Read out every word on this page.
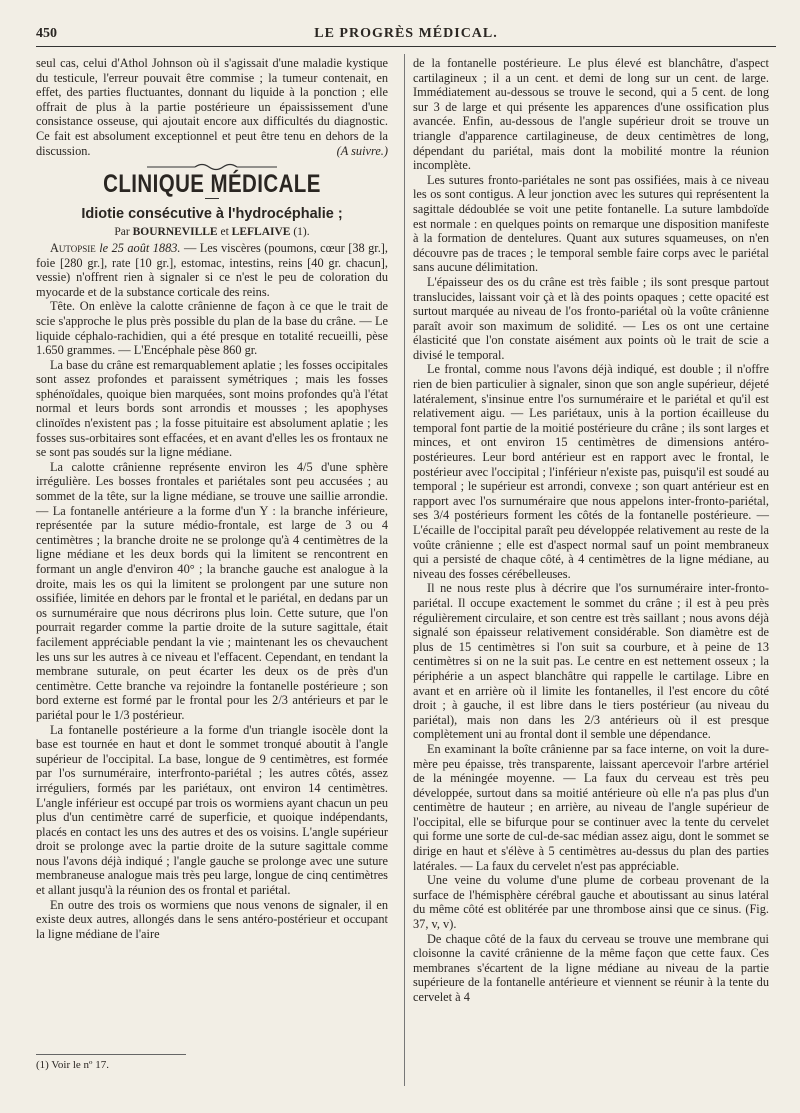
450	LE PROGRÈS MÉDICAL.

seul cas, celui d'Athol Johnson où il s'agissait d'une maladie kystique du testicule, l'erreur pouvait être commise ; la tumeur contenait, en effet, des parties fluctuantes, donnant du liquide à la ponction ; elle offrait de plus à la partie postérieure un épaississement d'une consistance osseuse, qui ajoutait encore aux difficultés du diagnostic. Ce fait est absolument exceptionnel et peut être tenu en dehors de la discussion.	(A suivre.)

CLINIQUE MÉDICALE
Idiotie consécutive à l'hydrocéphalie ;
Par BOURNEVILLE et LEFLAIVE (1).

Autopsie le 25 août 1883. — Les viscères (poumons, cœur [38 gr.], foie [280 gr.], rate [10 gr.], estomac, intestins, reins [40 gr. chacun], vessie) n'offrent rien à signaler si ce n'est le peu de coloration du myocarde et de la substance corticale des reins.

Tête. On enlève la calotte crânienne de façon à ce que le trait de scie s'approche le plus près possible du plan de la base du crâne. — Le liquide céphalo-rachidien, qui a été presque en totalité recueilli, pèse 1.650 grammes. — L'Encéphale pèse 860 gr.

La base du crâne est remarquablement aplatie ; les fosses occipitales sont assez profondes et paraissent symétriques ; mais les fosses sphénoïdales, quoique bien marquées, sont moins profondes qu'à l'état normal et leurs bords sont arrondis et mousses ; les apophyses clinoïdes n'existent pas ; la fosse pituitaire est absolument aplatie ; les fosses sus-orbitaires sont effacées, et en avant d'elles les os frontaux ne se sont pas soudés sur la ligne médiane.

La calotte crânienne représente environ les 4/5 d'une sphère irrégulière. Les bosses frontales et pariétales sont peu accusées ; au sommet de la tête, sur la ligne médiane, se trouve une saillie arrondie. — La fontanelle antérieure a la forme d'un Y : la branche inférieure, représentée par la suture médio-frontale, est large de 3 ou 4 centimètres ; la branche droite ne se prolonge qu'à 4 centimètres de la ligne médiane et les deux bords qui la limitent se rencontrent en formant un angle d'environ 40° ; la branche gauche est analogue à la droite, mais les os qui la limitent se prolongent par une suture non ossifiée, limitée en dehors par le frontal et le pariétal, en dedans par un os surnuméraire que nous décrirons plus loin. Cette suture, que l'on pourrait regarder comme la partie droite de la suture sagittale, était facilement appréciable pendant la vie ; maintenant les os chevauchent les uns sur les autres à ce niveau et l'effacent. Cependant, en tendant la membrane suturale, on peut écarter les deux os de près d'un centimètre. Cette branche va rejoindre la fontanelle postérieure ; son bord externe est formé par le frontal pour les 2/3 antérieurs et par le pariétal pour le 1/3 postérieur.

La fontanelle postérieure a la forme d'un triangle isocèle dont la base est tournée en haut et dont le sommet tronqué aboutit à l'angle supérieur de l'occipital. La base, longue de 9 centimètres, est formée par l'os surnuméraire, interfronto-pariétal ; les autres côtés, assez irréguliers, formés par les pariétaux, ont environ 14 centimètres. L'angle inférieur est occupé par trois os wormiens ayant chacun un peu plus d'un centimètre carré de superficie, et quoique indépendants, placés en contact les uns des autres et des os voisins. L'angle supérieur droit se prolonge avec la partie droite de la suture sagittale comme nous l'avons déjà indiqué ; l'angle gauche se prolonge avec une suture membraneuse analogue mais très peu large, longue de cinq centimètres et allant jusqu'à la réunion des os frontal et pariétal.

En outre des trois os wormiens que nous venons de signaler, il en existe deux autres, allongés dans le sens antéro-postérieur et occupant la ligne médiane de l'aire

de la fontanelle postérieure. Le plus élevé est blanchâtre, d'aspect cartilagineux ; il a un cent. et demi de long sur un cent. de large. Immédiatement au-dessous se trouve le second, qui a 5 cent. de long sur 3 de large et qui présente les apparences d'une ossification plus avancée. Enfin, au-dessous de l'angle supérieur droit se trouve un triangle d'apparence cartilagineuse, de deux centimètres de long, dépendant du pariétal, mais dont la mobilité montre la réunion incomplète.

Les sutures fronto-pariétales ne sont pas ossifiées, mais à ce niveau les os sont contigus. A leur jonction avec les sutures qui représentent la sagittale dédoublée se voit une petite fontanelle. La suture lambdoïde est normale : en quelques points on remarque une disposition manifeste à la formation de dentelures. Quant aux sutures squameuses, on n'en découvre pas de traces ; le temporal semble faire corps avec le pariétal sans aucune délimitation.

L'épaisseur des os du crâne est très faible ; ils sont presque partout translucides, laissant voir çà et là des points opaques ; cette opacité est surtout marquée au niveau de l'os fronto-pariétal où la voûte crânienne paraît avoir son maximum de solidité. — Les os ont une certaine élasticité que l'on constate aisément aux points où le trait de scie a divisé le temporal.

Le frontal, comme nous l'avons déjà indiqué, est double ; il n'offre rien de bien particulier à signaler, sinon que son angle supérieur, déjeté latéralement, s'insinue entre l'os surnuméraire et le pariétal et qu'il est relativement aigu. — Les pariétaux, unis à la portion écailleuse du temporal font partie de la moitié postérieure du crâne ; ils sont larges et minces, et ont environ 15 centimètres de dimensions antéro-postérieures. Leur bord antérieur est en rapport avec le frontal, le postérieur avec l'occipital ; l'inférieur n'existe pas, puisqu'il est soudé au temporal ; le supérieur est arrondi, convexe ; son quart antérieur est en rapport avec l'os surnuméraire que nous appelons inter-fronto-pariétal, ses 3/4 postérieurs forment les côtés de la fontanelle postérieure. — L'écaille de l'occipital paraît peu développée relativement au reste de la voûte crânienne ; elle est d'aspect normal sauf un point membraneux qui a persisté de chaque côté, à 4 centimètres de la ligne médiane, au niveau des fosses cérébelleuses.

Il ne nous reste plus à décrire que l'os surnuméraire inter-fronto-pariétal. Il occupe exactement le sommet du crâne ; il est à peu près régulièrement circulaire, et son centre est très saillant ; nous avons déjà signalé son épaisseur relativement considérable. Son diamètre est de plus de 15 centimètres si l'on suit sa courbure, et à peine de 13 centimètres si on ne la suit pas. Le centre en est nettement osseux ; la périphérie a un aspect blanchâtre qui rappelle le cartilage. Libre en avant et en arrière où il limite les fontanelles, il l'est encore du côté droit ; à gauche, il est libre dans le tiers postérieur (au niveau du pariétal), mais non dans les 2/3 antérieurs où il est presque complètement uni au frontal dont il semble une dépendance.

En examinant la boîte crânienne par sa face interne, on voit la dure-mère peu épaisse, très transparente, laissant apercevoir l'arbre artériel de la méningée moyenne. — La faux du cerveau est très peu développée, surtout dans sa moitié antérieure où elle n'a pas plus d'un centimètre de hauteur ; en arrière, au niveau de l'angle supérieur de l'occipital, elle se bifurque pour se continuer avec la tente du cervelet qui forme une sorte de cul-de-sac médian assez aigu, dont le sommet se dirige en haut et s'élève à 5 centimètres au-dessus du plan des parties latérales. — La faux du cervelet n'est pas appréciable.

Une veine du volume d'une plume de corbeau provenant de la surface de l'hémisphère cérébral gauche et aboutissant au sinus latéral du même côté est oblitérée par une thrombose ainsi que ce sinus. (Fig. 37, v, v).

De chaque côté de la faux du cerveau se trouve une membrane qui cloisonne la cavité crânienne de la même façon que cette faux. Ces membranes s'écartent de la ligne médiane au niveau de la partie supérieure de la fontanelle antérieure et viennent se réunir à la tente du cervelet à 4

(1) Voir le nº 17.
